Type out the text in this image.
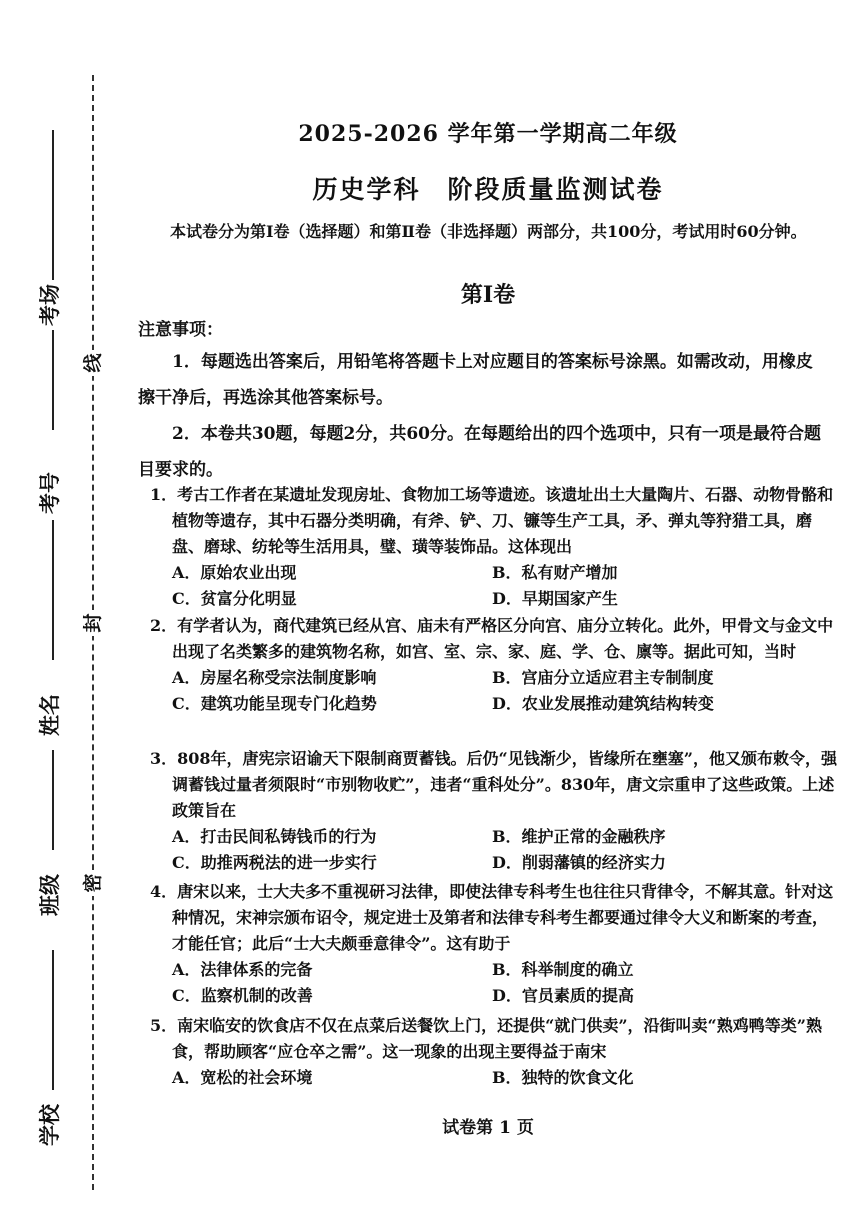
线
封
密
考场
考号
姓名
班级
学校
2025-2026 学年第一学期高二年级
历史学科　阶段质量监测试卷
本试卷分为第Ⅰ卷（选择题）和第Ⅱ卷（非选择题）两部分，共100分，考试用时60分钟。
第Ⅰ卷
注意事项：
1．每题选出答案后，用铅笔将答题卡上对应题目的答案标号涂黑。如需改动，用橡皮擦干净后，再选涂其他答案标号。
2．本卷共30题，每题2分，共60分。在每题给出的四个选项中，只有一项是最符合题目要求的。
1．考古工作者在某遗址发现房址、食物加工场等遗迹。该遗址出土大量陶片、石器、动物骨骼和植物等遗存，其中石器分类明确，有斧、铲、刀、镰等生产工具，矛、弹丸等狩猎工具，磨盘、磨球、纺轮等生活用具，璧、璜等装饰品。这体现出
A．原始农业出现	B．私有财产增加
C．贫富分化明显	D．早期国家产生
2．有学者认为，商代建筑已经从宫、庙未有严格区分向宫、庙分立转化。此外，甲骨文与金文中出现了名类繁多的建筑物名称，如宫、室、宗、家、庭、学、仓、廪等。据此可知，当时
A．房屋名称受宗法制度影响	B．宫庙分立适应君主专制制度
C．建筑功能呈现专门化趋势	D．农业发展推动建筑结构转变
3．808年，唐宪宗诏谕天下限制商贾蓄钱。后仍“见钱渐少，皆缘所在壅塞”，他又颁布敕令，强调蓄钱过量者须限时“市别物收贮”，违者“重科处分”。830年，唐文宗重申了这些政策。上述政策旨在
A．打击民间私铸钱币的行为	B．维护正常的金融秩序
C．助推两税法的进一步实行	D．削弱藩镇的经济实力
4．唐宋以来，士大夫多不重视研习法律，即使法律专科考生也往往只背律令，不解其意。针对这种情况，宋神宗颁布诏令，规定进士及第者和法律专科考生都要通过律令大义和断案的考查，才能任官；此后“士大夫颇垂意律令”。这有助于
A．法律体系的完备	B．科举制度的确立
C．监察机制的改善	D．官员素质的提高
5．南宋临安的饮食店不仅在点菜后送餐饮上门，还提供“就门供卖”，沿街叫卖“熟鸡鸭等类”熟食，帮助顾客“应仓卒之需”。这一现象的出现主要得益于南宋
A．宽松的社会环境	B．独特的饮食文化
试卷第 1 页
